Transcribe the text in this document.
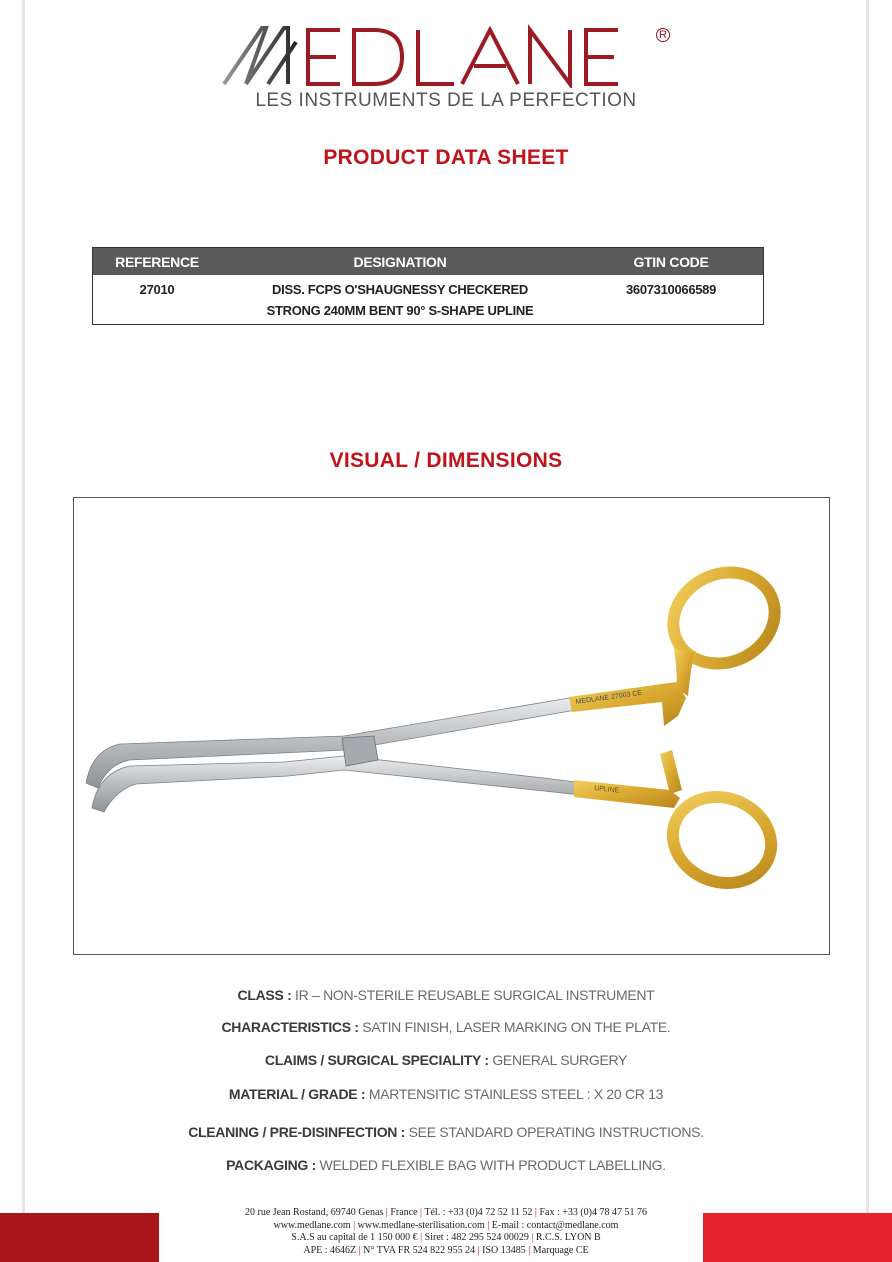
MEDLANE
R
LES INSTRUMENTS DE LA PERFECTION
PRODUCT DATA SHEET
REFERENCE	DESIGNATION	GTIN CODE
27010	DISS. FCPS O'SHAUGNESSY CHECKERED STRONG 240MM BENT 90° S-SHAPE UPLINE	3607310066589
VISUAL / DIMENSIONS
MEDLANE 27003 CE
UPLINE
CLASS : IR – NON-STERILE REUSABLE SURGICAL INSTRUMENT
CHARACTERISTICS : SATIN FINISH, LASER MARKING ON THE PLATE.
CLAIMS / SURGICAL SPECIALITY : GENERAL SURGERY
MATERIAL / GRADE : MARTENSITIC STAINLESS STEEL : X 20 CR 13
CLEANING / PRE-DISINFECTION : SEE STANDARD OPERATING INSTRUCTIONS.
PACKAGING : WELDED FLEXIBLE BAG WITH PRODUCT LABELLING.
20 rue Jean Rostand, 69740 Genas | France | Tél. : +33 (0)4 72 52 11 52 | Fax : +33 (0)4 78 47 51 76
www.medlane.com | www.medlane-sterilisation.com | E-mail : contact@medlane.com
S.A.S au capital de 1 150 000 € | Siret : 482 295 524 00029 | R.C.S. LYON B
APE : 4646Z | N° TVA FR 524 822 955 24 | ISO 13485 | Marquage CE
